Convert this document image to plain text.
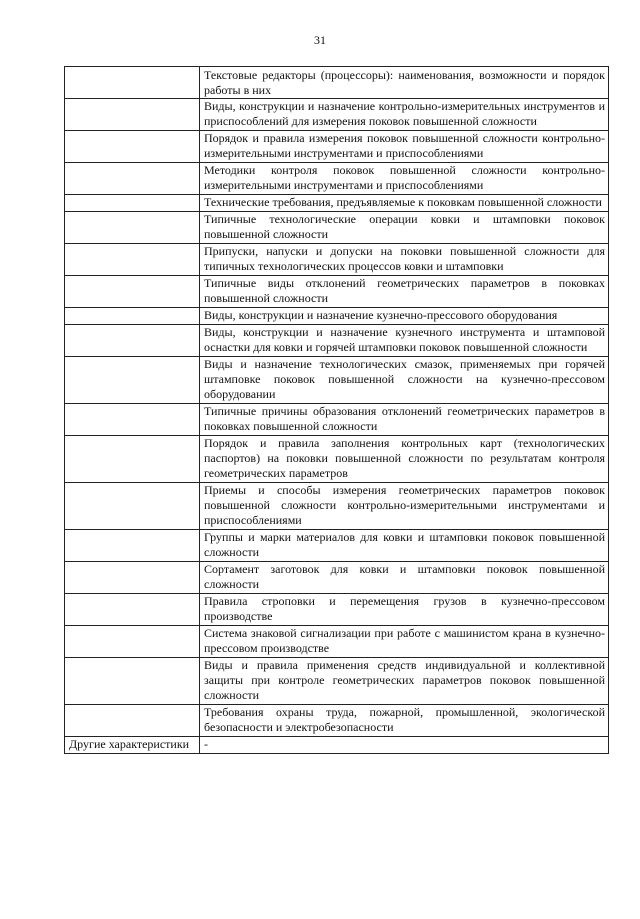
31

	Текстовые редакторы (процессоры): наименования, возможности и порядок работы в них

	Виды, конструкции и назначение контрольно-измерительных инструментов и приспособлений для измерения поковок повышенной сложности

	Порядок и правила измерения поковок повышенной сложности контрольно-измерительными инструментами и приспособлениями

	Методики контроля поковок повышенной сложности контрольно-измерительными инструментами и приспособлениями

	Технические требования, предъявляемые к поковкам повышенной сложности

	Типичные технологические операции ковки и штамповки поковок повышенной сложности

	Припуски, напуски и допуски на поковки повышенной сложности для типичных технологических процессов ковки и штамповки

	Типичные виды отклонений геометрических параметров в поковках повышенной сложности

	Виды, конструкции и назначение кузнечно-прессового оборудования

	Виды, конструкции и назначение кузнечного инструмента и штамповой оснастки для ковки и горячей штамповки поковок повышенной сложности

	Виды и назначение технологических смазок, применяемых при горячей штамповке поковок повышенной сложности на кузнечно-прессовом оборудовании

	Типичные причины образования отклонений геометрических параметров в поковках повышенной сложности

	Порядок и правила заполнения контрольных карт (технологических паспортов) на поковки повышенной сложности по результатам контроля геометрических параметров

	Приемы и способы измерения геометрических параметров поковок повышенной сложности контрольно-измерительными инструментами и приспособлениями

	Группы и марки материалов для ковки и штамповки поковок повышенной сложности

	Сортамент заготовок для ковки и штамповки поковок повышенной сложности

	Правила строповки и перемещения грузов в кузнечно-прессовом производстве

	Система знаковой сигнализации при работе с машинистом крана в кузнечно-прессовом производстве

	Виды и правила применения средств индивидуальной и коллективной защиты при контроле геометрических параметров поковок повышенной сложности

	Требования охраны труда, пожарной, промышленной, экологической безопасности и электробезопасности

Другие характеристики	-
